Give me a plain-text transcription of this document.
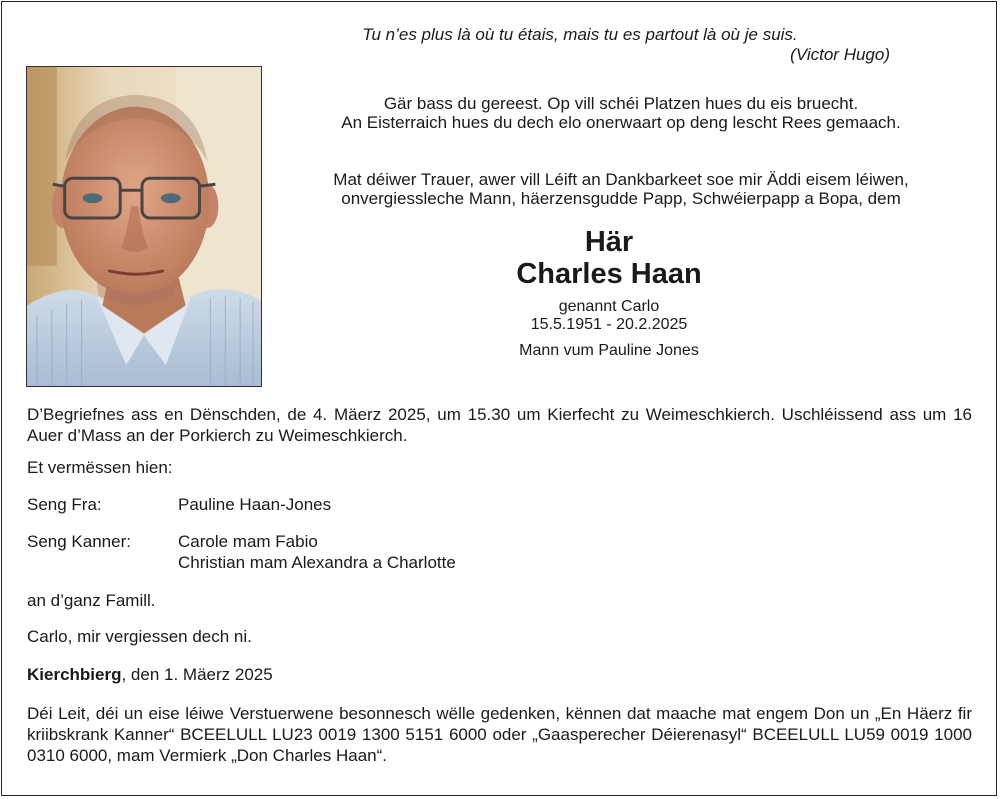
Tu n’es plus là où tu étais, mais tu es partout là où je suis.
(Victor Hugo)

Gär bass du gereest. Op vill schéi Platzen hues du eis bruecht.

An Eisterraich hues du dech elo onerwaart op deng lescht Rees gemaach.

Mat déiwer Trauer, awer vill Léift an Dankbarkeet soe mir Äddi eisem léiwen,

onvergiessleche Mann, häerzensgudde Papp, Schwéierpapp a Bopa, dem

Här

Charles Haan

genannt Carlo

15.5.1951 - 20.2.2025

Mann vum Pauline Jones

D’Begriefnes ass en Dënschden, de 4. Mäerz 2025, um 15.30 um Kierfecht zu Weimeschkierch. Uschléissend ass um 16 Auer d’Mass an der Porkierch zu Weimeschkierch.
Et vermëssen hien:
Seng Fra:	Pauline Haan-Jones
Seng Kanner:	Carole mam Fabio
Christian mam Alexandra a Charlotte
an d’ganz Famill.
Carlo, mir vergiessen dech ni.
Kierchbierg, den 1. Mäerz 2025
Déi Leit, déi un eise léiwe Verstuerwene besonnesch wëlle gedenken, kënnen dat maache mat engem Don un „En Häerz fir kriibskrank Kanner“ BCEELULL LU23 0019 1300 5151 6000 oder „Gaasperecher Déierenasyl“ BCEELULL LU59 0019 1000 0310 6000, mam Vermierk „Don Charles Haan“.
